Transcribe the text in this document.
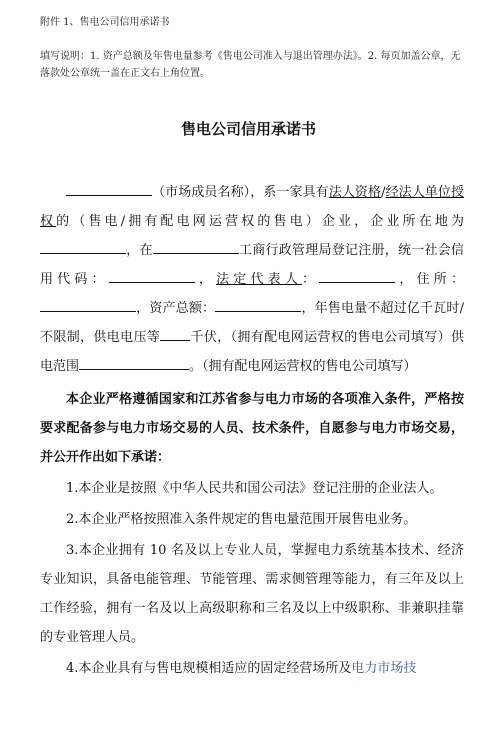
附件 1、售电公司信用承诺书
填写说明：1. 资产总额及年售电量参考《售电公司准入与退出管理办法》。2. 每页加盖公章，无落款处公章统一盖在正文右上角位置。
售电公司信用承诺书

（市场成员名称），系一家具有法人资格/经法人单位授权的（售电/拥有配电网运营权的售电）企业，企业所在地为，在	工商行政管理局登记注册，统一社会信用代码：	，法定代表人：	，住所：，资产总额：	，年售电量不超过亿千瓦时/不限制，供电电压等 千伏，（拥有配电网运营权的售电公司填写）供电范围	。（拥有配电网运营权的售电公司填写）

本企业严格遵循国家和江苏省参与电力市场的各项准入条件，严格按要求配备参与电力市场交易的人员、技术条件，自愿参与电力市场交易，并公开作出如下承诺：

1.本企业是按照《中华人民共和国公司法》登记注册的企业法人。

2.本企业严格按照准入条件规定的售电量范围开展售电业务。

3.本企业拥有 10 名及以上专业人员，掌握电力系统基本技术、经济专业知识，具备电能管理、节能管理、需求侧管理等能力，有三年及以上工作经验，拥有一名及以上高级职称和三名及以上中级职称、非兼职挂靠的专业管理人员。

4.本企业具有与售电规模相适应的固定经营场所及电力市场技
